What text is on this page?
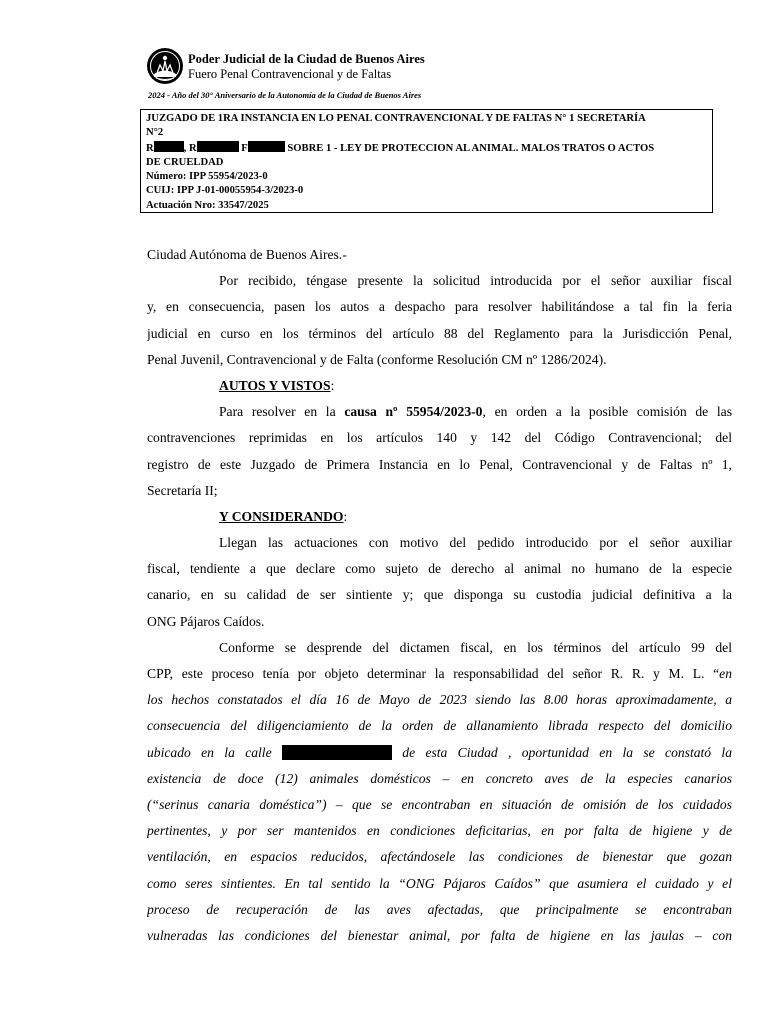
Poder Judicial de la Ciudad de Buenos Aires
Fuero Penal Contravencional y de Faltas
2024 - Año del 30° Aniversario de la Autonomía de la Ciudad de Buenos Aires
JUZGADO DE 1RA INSTANCIA EN LO PENAL CONTRAVENCIONAL Y DE FALTAS N° 1 SECRETARÍA
N°2
R	, R	F	SOBRE 1 - LEY DE PROTECCION AL ANIMAL. MALOS TRATOS O ACTOS
DE CRUELDAD
Número: IPP 55954/2023-0
CUIJ: IPP J-01-00055954-3/2023-0
Actuación Nro: 33547/2025
Ciudad Autónoma de Buenos Aires.-
Por recibido, téngase presente la solicitud introducida por el señor auxiliar fiscal
y, en consecuencia, pasen los autos a despacho para resolver habilitándose a tal fin la feria
judicial en curso en los términos del artículo 88 del Reglamento para la Jurisdicción Penal,
Penal Juvenil, Contravencional y de Falta (conforme Resolución CM nº 1286/2024).
AUTOS Y VISTOS:
Para resolver en la causa nº 55954/2023-0, en orden a la posible comisión de las
contravenciones reprimidas en los artículos 140 y 142 del Código Contravencional; del
registro de este Juzgado de Primera Instancia en lo Penal, Contravencional y de Faltas nº 1,
Secretaría II;
Y CONSIDERANDO:
Llegan las actuaciones con motivo del pedido introducido por el señor auxiliar
fiscal, tendiente a que declare como sujeto de derecho al animal no humano de la especie
canario, en su calidad de ser sintiente y; que disponga su custodia judicial definitiva a la
ONG Pájaros Caídos.
Conforme se desprende del dictamen fiscal, en los términos del artículo 99 del
CPP, este proceso tenía por objeto determinar la responsabilidad del señor R. R. y M. L. “en
los hechos constatados el día 16 de Mayo de 2023 siendo las 8.00 horas aproximadamente, a
consecuencia del diligenciamiento de la orden de allanamiento librada respecto del domicilio
ubicado en la calle	de esta Ciudad , oportunidad en la se constató la
existencia de doce (12) animales domésticos – en concreto aves de la especies canarios
(“serinus canaria doméstica”) – que se encontraban en situación de omisión de los cuidados
pertinentes, y por ser mantenidos en condiciones deficitarias, en por falta de higiene y de
ventilación, en espacios reducidos, afectándosele las condiciones de bienestar que gozan
como seres sintientes. En tal sentido la “ONG Pájaros Caídos” que asumiera el cuidado y el
proceso de recuperación de las aves afectadas, que principalmente se encontraban
vulneradas las condiciones del bienestar animal, por falta de higiene en las jaulas – con
